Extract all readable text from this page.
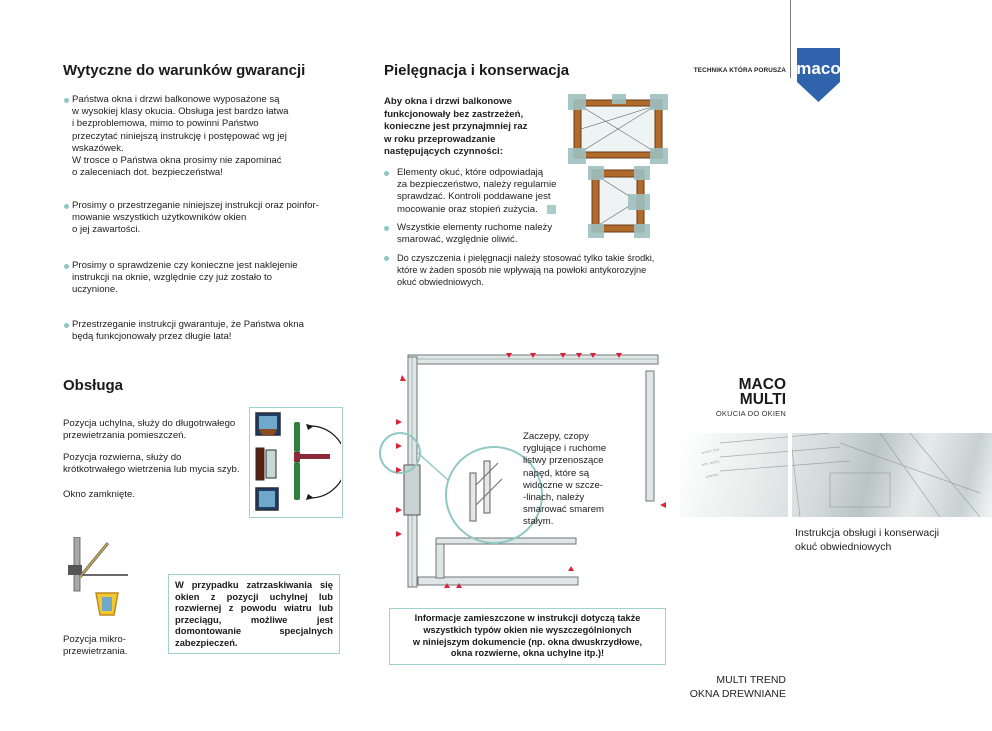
Wytyczne do warunków gwarancji
Państwa okna i drzwi balkonowe wyposażone są
w wysokiej klasy okucia. Obsługa jest bardzo łatwa
i bezproblemowa, mimo to powinni Państwo
przeczytać niniejszą instrukcję i postępować wg jej
wskazówek.
W trosce o Państwa okna prosimy nie zapominać
o zaleceniach dot. bezpieczeństwa!
Prosimy o przestrzeganie niniejszej instrukcji oraz poinfor-
mowanie wszystkich użytkowników okien
o jej zawartości.
Prosimy o sprawdzenie czy konieczne jest naklejenie
instrukcji na oknie, względnie czy już zostało to
uczynione.
Przestrzeganie instrukcji gwarantuje, że Państwa okna
będą funkcjonowały przez długie lata!
Obsługa
Pozycja uchylna, służy do długotrwałego
przewietrzania pomieszczeń.
Pozycja rozwierna, służy do
krótkotrwałego wietrzenia lub mycia szyb.
Okno zamknięte.
Pozycja mikro-
przewietrzania.
W przypadku zatrzaskiwania się okien z pozycji uchylnej lub rozwiernej z powodu wiatru lub przeciągu, możliwe jest domontowanie specjalnych zabezpieczeń.
Pielęgnacja i konserwacja
Aby okna i drzwi balkonowe
funkcjonowały bez zastrzeżeń,
konieczne jest przynajmniej raz
w roku przeprowadzanie
następujących czynności:
Elementy okuć, które odpowiadają
za bezpieczeństwo, należy regularnie
sprawdzać. Kontroli poddawane jest
mocowanie oraz stopień zużycia.
Wszystkie elementy ruchome należy
smarować, względnie oliwić.
Do czyszczenia i pielęgnacji należy stosować tylko takie środki,
które w żaden sposób nie wpływają na powłoki antykorozyjne
okuć obwiedniowych.
Zaczepy, czopy
ryglujące i ruchome
listwy przenoszące
napęd, które są
widoczne w szcze-
-linach, należy
smarować smarem
stałym.
Informacje zamieszczone w instrukcji dotyczą także
wszystkich typów okien nie wyszczególnionych
w niniejszym dokumencie (np. okna dwuskrzydłowe,
okna rozwierne, okna uchylne itp.)!
TECHNIKA KTÓRA PORUSZA maco
MACO
MULTI
OKUCIA DO OKIEN
≈≈≈ ≈≈
≈≈ ≈≈≈
≈≈≈≈
Instrukcja obsługi i konserwacji
okuć obwiedniowych
MULTI TREND
OKNA DREWNIANE
